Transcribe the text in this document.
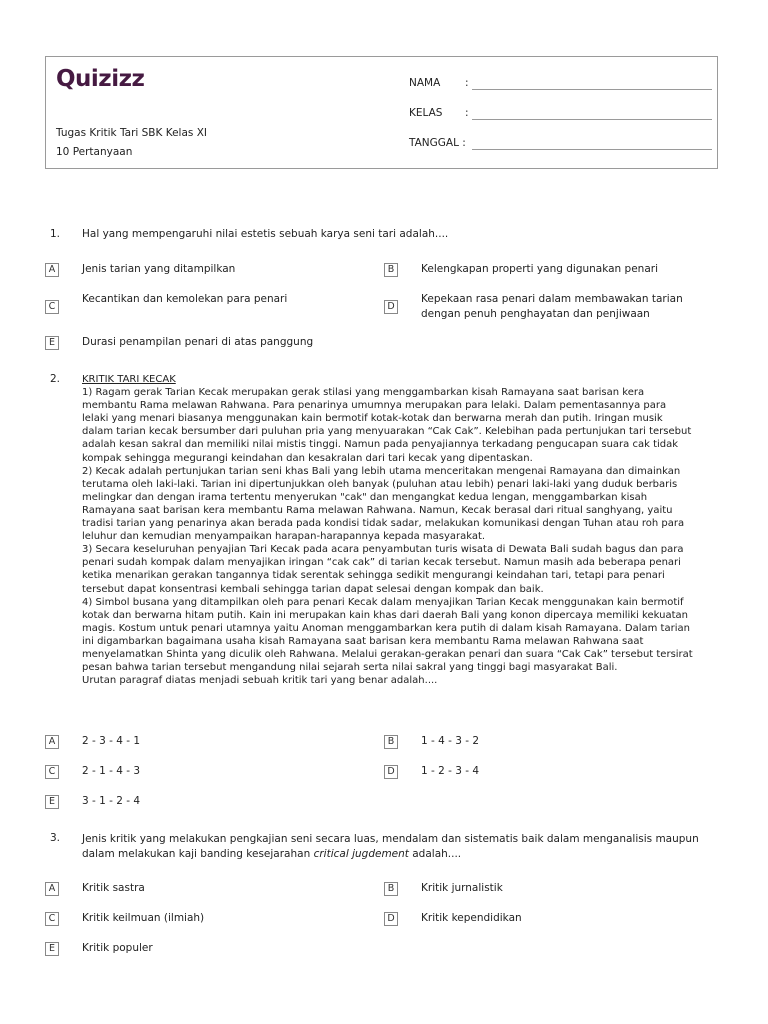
Quizizz
Tugas Kritik Tari SBK Kelas XI
10 Pertanyaan
NAMA :
KELAS :
TANGGAL :
1. Hal yang mempengaruhi nilai estetis sebuah karya seni tari adalah....
A	Jenis tarian yang ditampilkan	B	Kelengkapan properti yang digunakan penari
C
Kecantikan dan kemolekan para penari
D
Kepekaan rasa penari dalam membawakan tarian dengan penuh penghayatan dan penjiwaan
E	Durasi penampilan penari di atas panggung
2. KRITIK TARI KECAK
1) Ragam gerak Tarian Kecak merupakan gerak stilasi yang menggambarkan kisah Ramayana saat barisan kera
membantu Rama melawan Rahwana. Para penarinya umumnya merupakan para lelaki. Dalam pementasannya para
lelaki yang menari biasanya menggunakan kain bermotif kotak-kotak dan berwarna merah dan putih. Iringan musik
dalam tarian kecak bersumber dari puluhan pria yang menyuarakan “Cak Cak”. Kelebihan pada pertunjukan tari tersebut
adalah kesan sakral dan memiliki nilai mistis tinggi. Namun pada penyajiannya terkadang pengucapan suara cak tidak
kompak sehingga megurangi keindahan dan kesakralan dari tari kecak yang dipentaskan.
2) Kecak adalah pertunjukan tarian seni khas Bali yang lebih utama menceritakan mengenai Ramayana dan dimainkan
terutama oleh laki-laki. Tarian ini dipertunjukkan oleh banyak (puluhan atau lebih) penari laki-laki yang duduk berbaris
melingkar dan dengan irama tertentu menyerukan "cak" dan mengangkat kedua lengan, menggambarkan kisah
Ramayana saat barisan kera membantu Rama melawan Rahwana. Namun, Kecak berasal dari ritual sanghyang, yaitu
tradisi tarian yang penarinya akan berada pada kondisi tidak sadar, melakukan komunikasi dengan Tuhan atau roh para
leluhur dan kemudian menyampaikan harapan-harapannya kepada masyarakat.
3) Secara keseluruhan penyajian Tari Kecak pada acara penyambutan turis wisata di Dewata Bali sudah bagus dan para
penari sudah kompak dalam menyajikan iringan “cak cak” di tarian kecak tersebut. Namun masih ada beberapa penari
ketika menarikan gerakan tangannya tidak serentak sehingga sedikit mengurangi keindahan tari, tetapi para penari
tersebut dapat konsentrasi kembali sehingga tarian dapat selesai dengan kompak dan baik.
4) Simbol busana yang ditampilkan oleh para penari Kecak dalam menyajikan Tarian Kecak menggunakan kain bermotif
kotak dan berwarna hitam putih. Kain ini merupakan kain khas dari daerah Bali yang konon dipercaya memiliki kekuatan
magis. Kostum untuk penari utamnya yaitu Anoman menggambarkan kera putih di dalam kisah Ramayana. Dalam tarian
ini digambarkan bagaimana usaha kisah Ramayana saat barisan kera membantu Rama melawan Rahwana saat
menyelamatkan Shinta yang diculik oleh Rahwana. Melalui gerakan-gerakan penari dan suara “Cak Cak” tersebut tersirat
pesan bahwa tarian tersebut mengandung nilai sejarah serta nilai sakral yang tinggi bagi masyarakat Bali.
Urutan paragraf diatas menjadi sebuah kritik tari yang benar adalah....
A	2 - 3 - 4 - 1	B	1 - 4 - 3 - 2
C	2 - 1 - 4 - 3	D	1 - 2 - 3 - 4
E	3 - 1 - 2 - 4
3. Jenis kritik yang melakukan pengkajian seni secara luas, mendalam dan sistematis baik dalam menganalisis maupun
dalam melakukan kaji banding kesejarahan critical jugdement adalah....
A	Kritik sastra	B	Kritik jurnalistik
C	Kritik keilmuan (ilmiah)	D	Kritik kependidikan
E	Kritik populer
